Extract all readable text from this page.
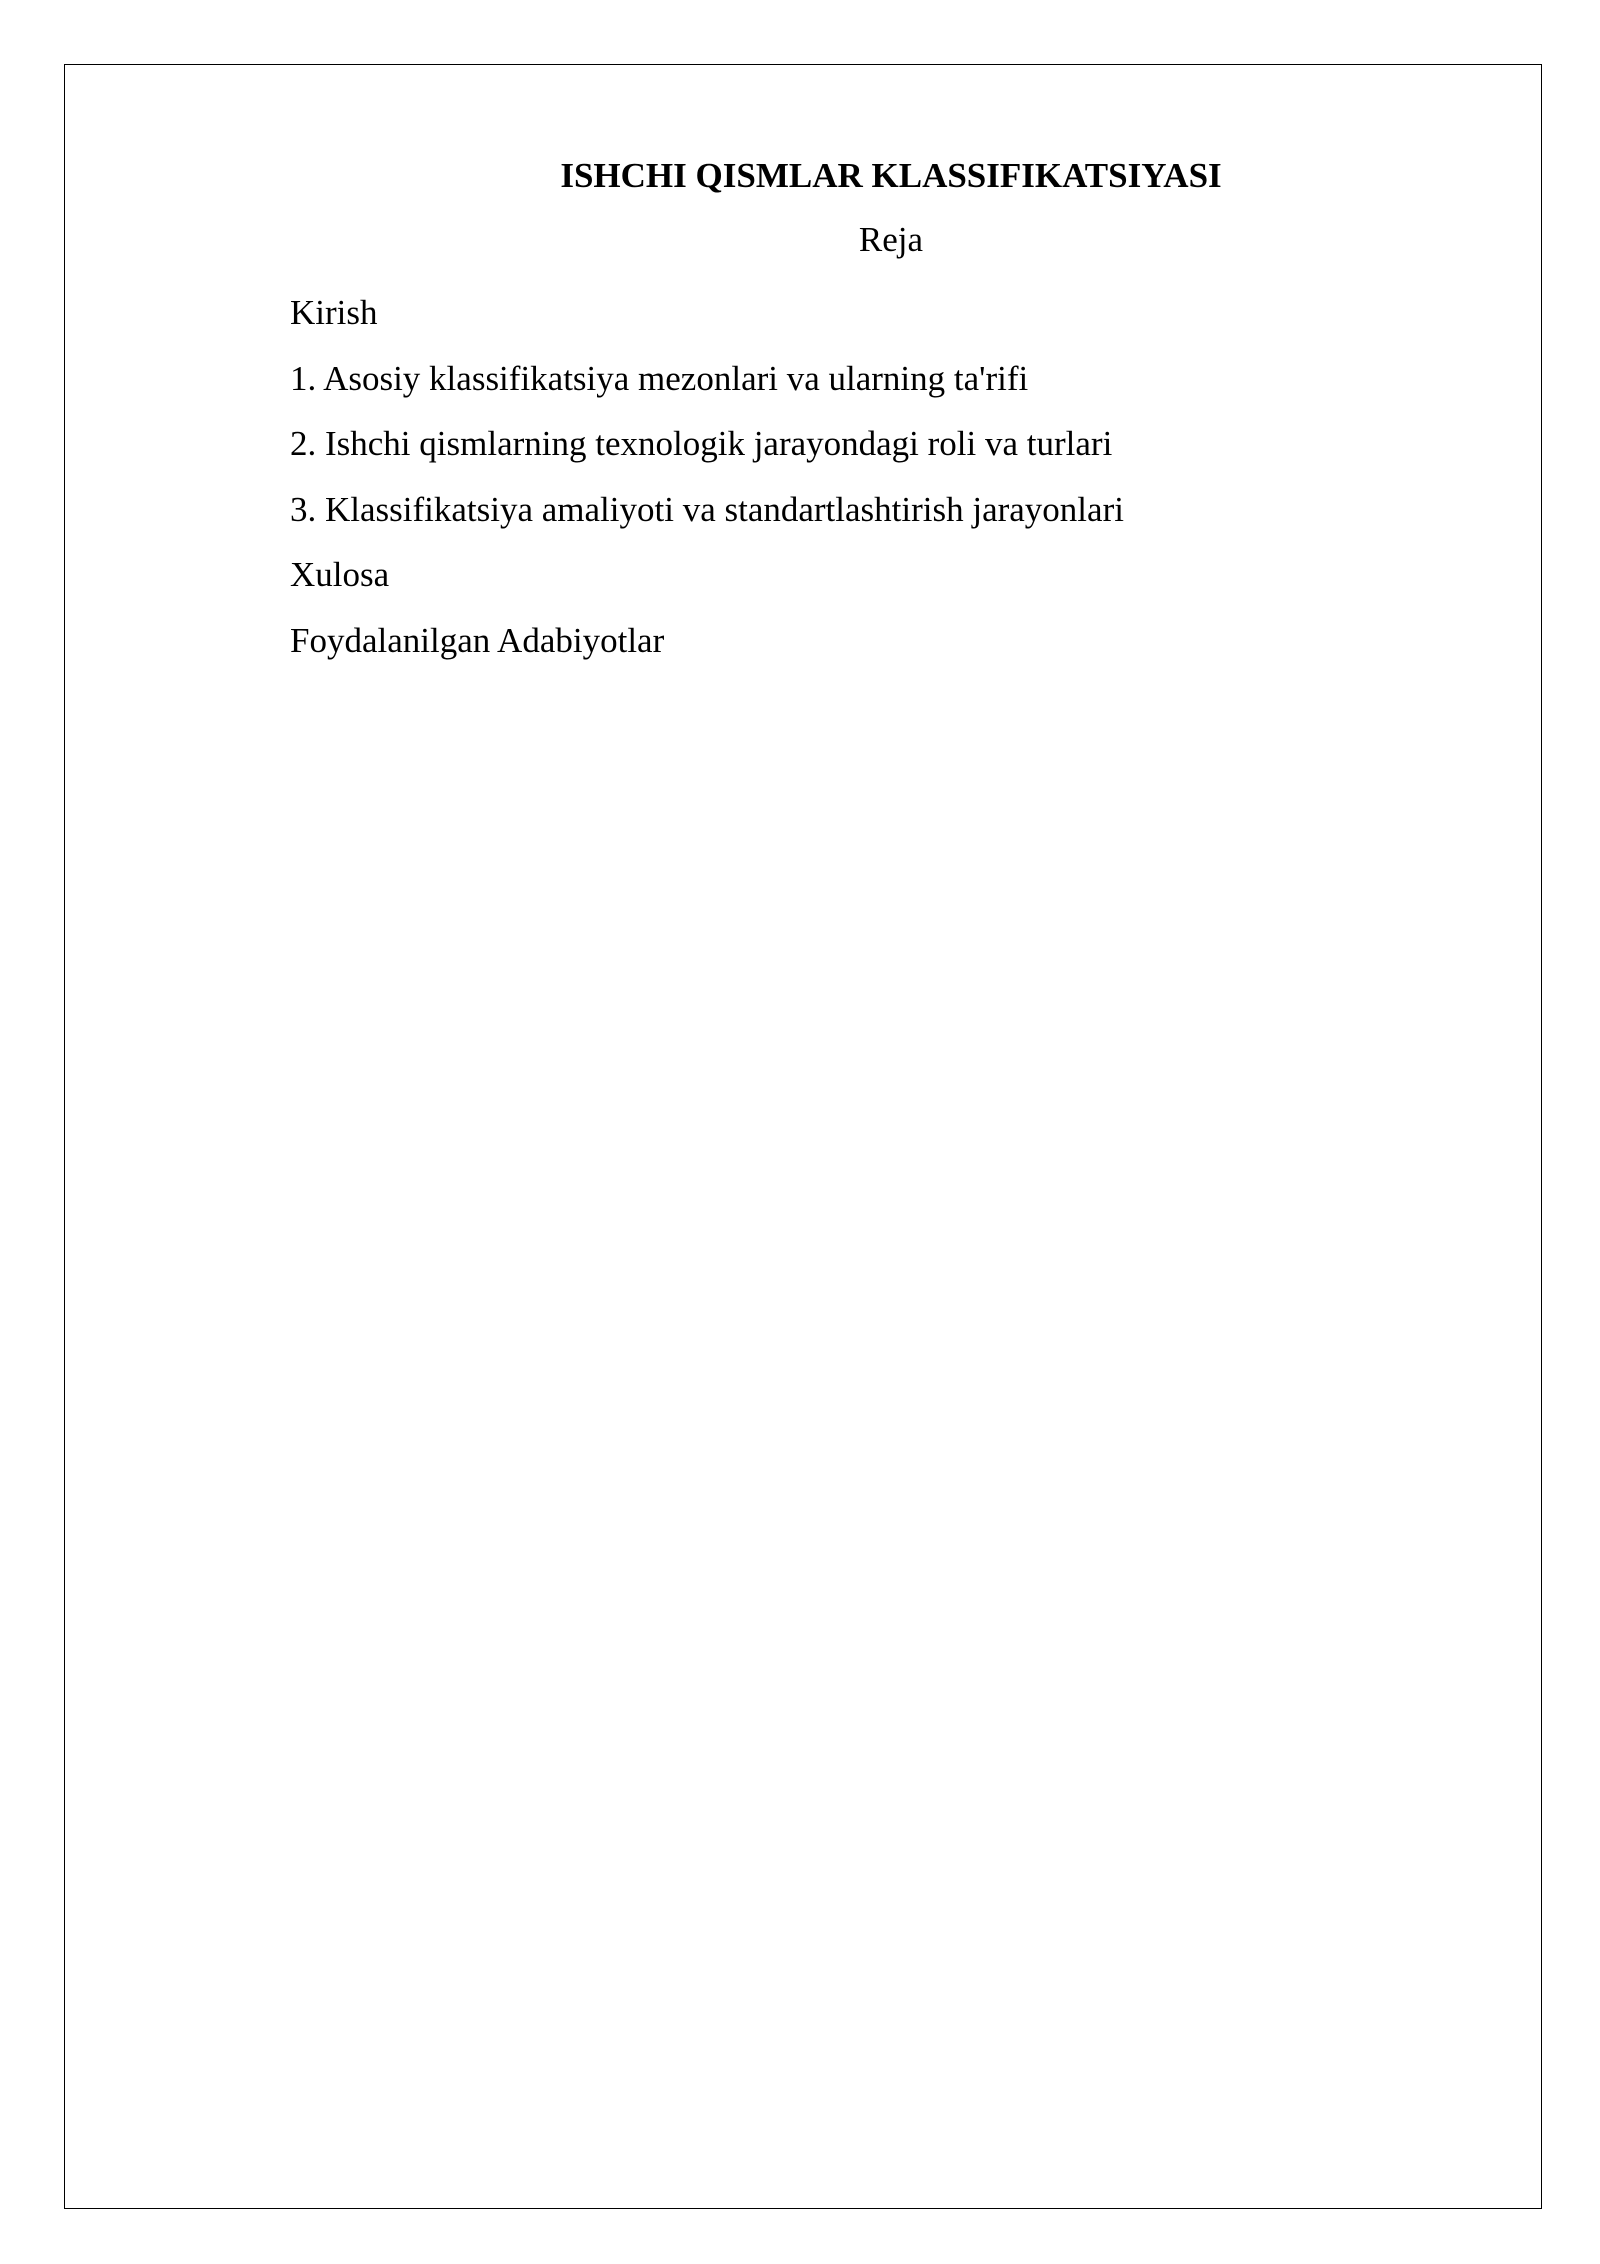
ISHCHI QISMLAR KLASSIFIKATSIYASI
Reja
Kirish
1. Asosiy klassifikatsiya mezonlari va ularning ta'rifi
2. Ishchi qismlarning texnologik jarayondagi roli va turlari
3. Klassifikatsiya amaliyoti va standartlashtirish jarayonlari
Xulosa
Foydalanilgan Adabiyotlar
